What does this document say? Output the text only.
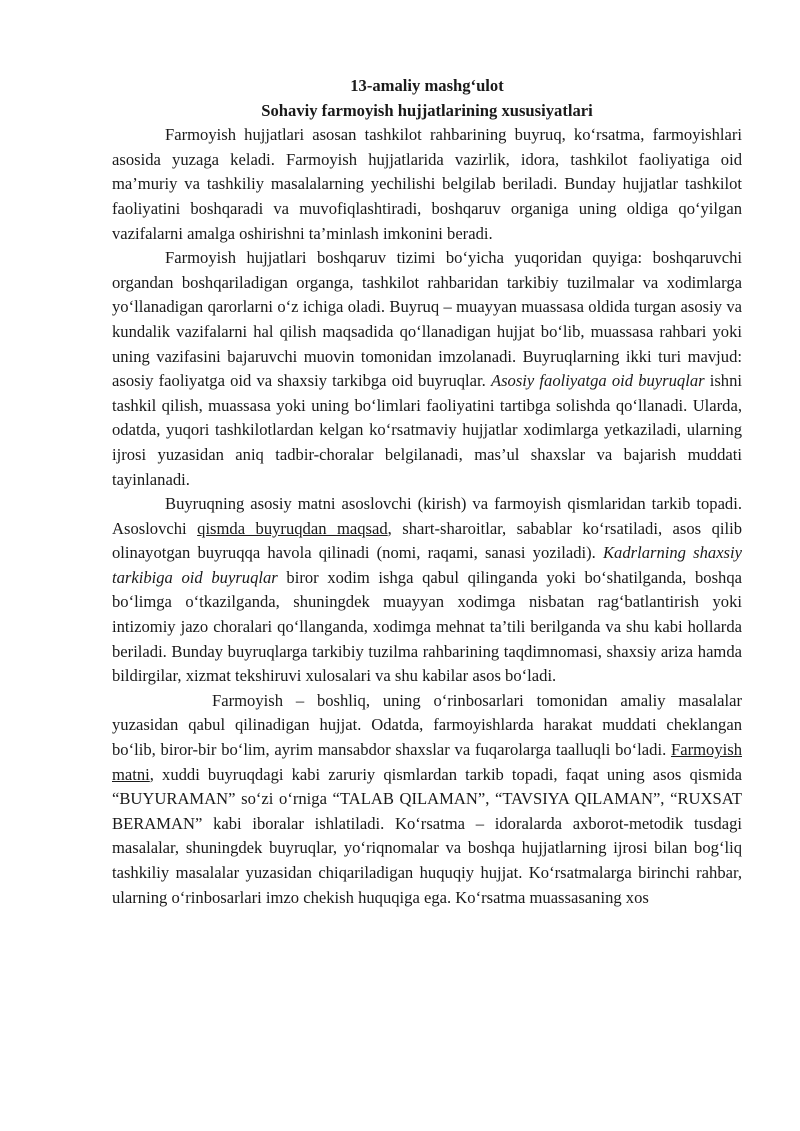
13-amaliy mashg‘ulot

Sohaviy farmoyish hujjatlarining xususiyatlari

Farmoyish hujjatlari asosan tashkilot rahbarining buyruq, ko‘rsatma, farmoyishlari asosida yuzaga keladi. Farmoyish hujjatlarida vazirlik, idora, tashkilot faoliyatiga oid ma’muriy va tashkiliy masalalarning yechilishi belgilab beriladi. Bunday hujjatlar tashkilot faoliyatini boshqaradi va muvofiqlashtiradi, boshqaruv organiga uning oldiga qo‘yilgan vazifalarni amalga oshirishni ta’minlash imkonini beradi.

Farmoyish hujjatlari boshqaruv tizimi bo‘yicha yuqoridan quyiga: boshqaruvchi organdan boshqariladigan organga, tashkilot rahbaridan tarkibiy tuzilmalar va xodimlarga yo‘llanadigan qarorlarni o‘z ichiga oladi. Buyruq – muayyan muassasa oldida turgan asosiy va kundalik vazifalarni hal qilish maqsadida qo‘llanadigan hujjat bo‘lib, muassasa rahbari yoki uning vazifasini bajaruvchi muovin tomonidan imzolanadi. Buyruqlarning ikki turi mavjud: asosiy faoliyatga oid va shaxsiy tarkibga oid buyruqlar. Asosiy faoliyatga oid buyruqlar ishni tashkil qilish, muassasa yoki uning bo‘limlari faoliyatini tartibga solishda qo‘llanadi. Ularda, odatda, yuqori tashkilotlardan kelgan ko‘rsatmaviy hujjatlar xodimlarga yetkaziladi, ularning ijrosi yuzasidan aniq tadbir-choralar belgilanadi, mas’ul shaxslar va bajarish muddati tayinlanadi.

Buyruqning asosiy matni asoslovchi (kirish) va farmoyish qismlaridan tarkib topadi. Asoslovchi qismda buyruqdan maqsad, shart-sharoitlar, sabablar ko‘rsatiladi, asos qilib olinayotgan buyruqqa havola qilinadi (nomi, raqami, sanasi yoziladi). Kadrlarning shaxsiy tarkibiga oid buyruqlar biror xodim ishga qabul qilinganda yoki bo‘shatilganda, boshqa bo‘limga o‘tkazilganda, shuningdek muayyan xodimga nisbatan rag‘batlantirish yoki intizomiy jazo choralari qo‘llanganda, xodimga mehnat ta’tili berilganda va shu kabi hollarda beriladi. Bunday buyruqlarga tarkibiy tuzilma rahbarining taqdimnomasi, shaxsiy ariza hamda bildirgilar, xizmat tekshiruvi xulosalari va shu kabilar asos bo‘ladi.

Farmoyish – boshliq, uning o‘rinbosarlari tomonidan amaliy masalalar yuzasidan qabul qilinadigan hujjat. Odatda, farmoyishlarda harakat muddati cheklangan bo‘lib, biror-bir bo‘lim, ayrim mansabdor shaxslar va fuqarolarga taalluqli bo‘ladi. Farmoyish matni, xuddi buyruqdagi kabi zaruriy qismlardan tarkib topadi, faqat uning asos qismida “BUYURAMAN” so‘zi o‘rniga “TALAB QILAMAN”, “TAVSIYA QILAMAN”, “RUXSAT BERAMAN” kabi iboralar ishlatiladi. Ko‘rsatma – idoralarda axborot-metodik tusdagi masalalar, shuningdek buyruqlar, yo‘riqnomalar va boshqa hujjatlarning ijrosi bilan bog‘liq tashkiliy masalalar yuzasidan chiqariladigan huquqiy hujjat. Ko‘rsatmalarga birinchi rahbar, ularning o‘rinbosarlari imzo chekish huquqiga ega. Ko‘rsatma muassasaning xos
